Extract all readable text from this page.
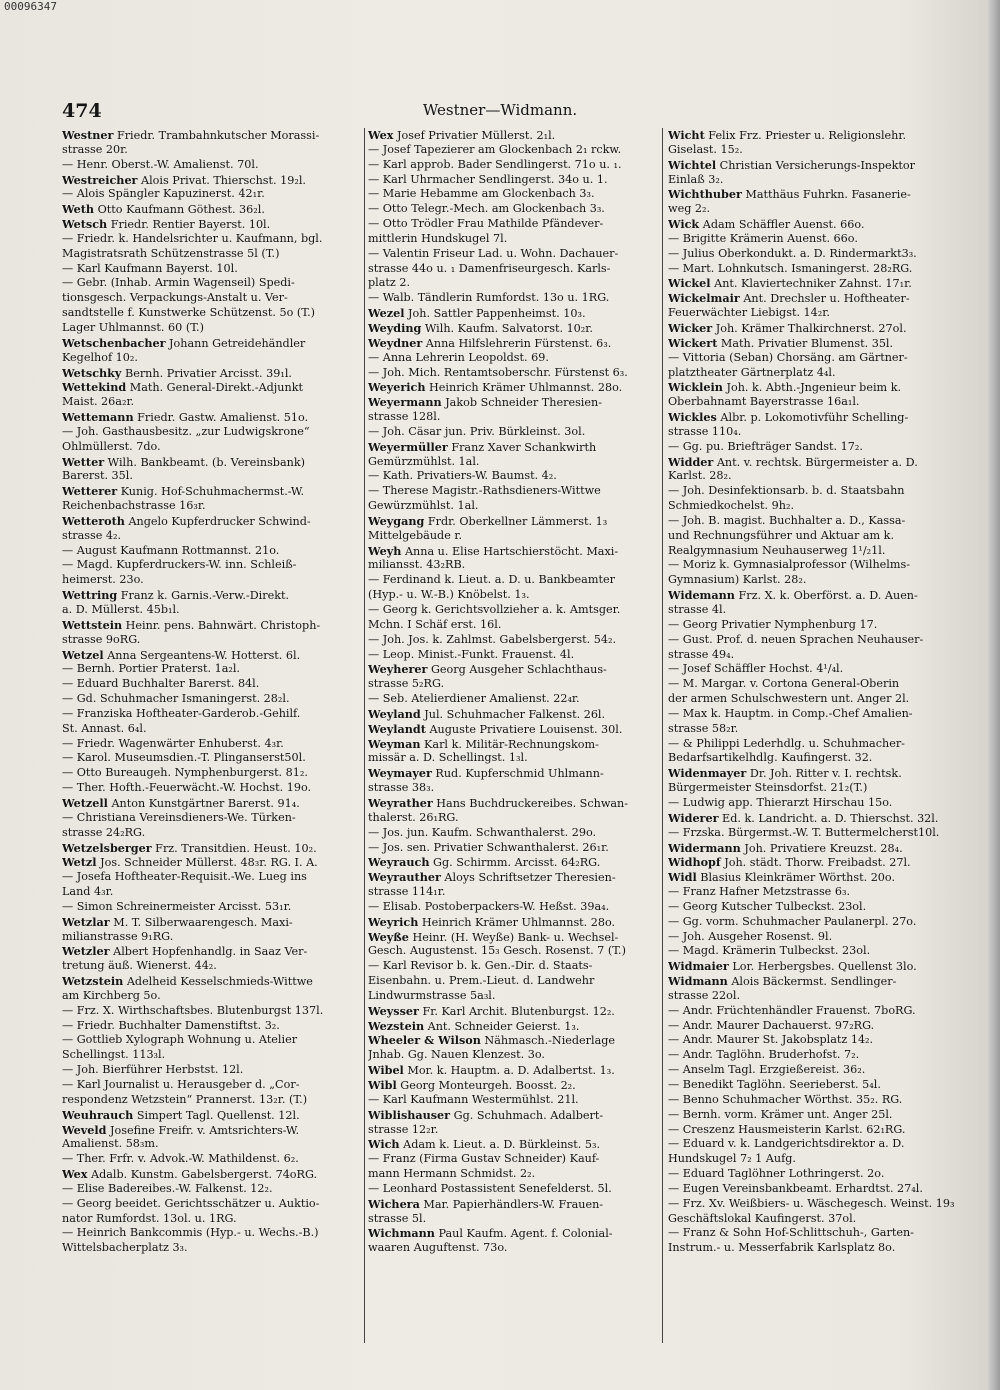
00096347
474	Westner—Widmann.
Westner Friedr. Trambahnkutscher Morassi-
strasse 20r.
— Henr. Oberst.-W. Amalienst. 70l.
Westreicher Alois Privat. Thierschst. 19₂l.
— Alois Spängler Kapuzinerst. 42₁r.
Weth Otto Kaufmann Göthest. 36₂l.
Wetsch Friedr. Rentier Bayerst. 10l.
— Friedr. k. Handelsrichter u. Kaufmann, bgl.
Magistratsrath Schützenstrasse 5l (T.)
— Karl Kaufmann Bayerst. 10l.
— Gebr. (Inhab. Armin Wagenseil) Spedi-
tionsgesch. Verpackungs-Anstalt u. Ver-
sandtstelle f. Kunstwerke Schützenst. 5o (T.)
Lager Uhlmannst. 60 (T.)
Wetschenbacher Johann Getreidehändler
Kegelhof 10₂.
Wetschky Bernh. Privatier Arcisst. 39₁l.
Wettekind Math. General-Direkt.-Adjunkt
Maist. 26a₂r.
Wettemann Friedr. Gastw. Amalienst. 51o.
— Joh. Gasthausbesitz. „zur Ludwigskrone“
Ohlmüllerst. 7do.
Wetter Wilh. Bankbeamt. (b. Vereinsbank)
Barerst. 35l.
Wetterer Kunig. Hof-Schuhmachermst.-W.
Reichenbachstrasse 16₃r.
Wetteroth Angelo Kupferdrucker Schwind-
strasse 4₂.
— August Kaufmann Rottmannst. 21o.
— Magd. Kupferdruckers-W. inn. Schleiß-
heimerst. 23o.
Wettring Franz k. Garnis.-Verw.-Direkt.
a. D. Müllerst. 45b₁l.
Wettstein Heinr. pens. Bahnwärt. Christoph-
strasse 9oRG.
Wetzel Anna Sergeantens-W. Hotterst. 6l.
— Bernh. Portier Praterst. 1a₂l.
— Eduard Buchhalter Barerst. 84l.
— Gd. Schuhmacher Ismaningerst. 28₂l.
— Franziska Hoftheater-Garderob.-Gehilf.
St. Annast. 6₄l.
— Friedr. Wagenwärter Enhuberst. 4₃r.
— Karol. Museumsdien.-T. Plinganserst50l.
— Otto Bureaugeh. Nymphenburgerst. 81₂.
— Ther. Hofth.-Feuerwächt.-W. Hochst. 19o.
Wetzell Anton Kunstgärtner Barerst. 91₄.
— Christiana Vereinsdieners-We. Türken-
strasse 24₂RG.
Wetzelsberger Frz. Transitdien. Heust. 10₂.
Wetzl Jos. Schneider Müllerst. 48₃r. RG. I. A.
— Josefa Hoftheater-Requisit.-We. Lueg ins
Land 4₃r.
— Simon Schreinermeister Arcisst. 53₁r.
Wetzlar M. T. Silberwaarengesch. Maxi-
milianstrasse 9₁RG.
Wetzler Albert Hopfenhandlg. in Saaz Ver-
tretung äuß. Wienerst. 44₂.
Wetzstein Adelheid Kesselschmieds-Wittwe
am Kirchberg 5o.
— Frz. X. Wirthschaftsbes. Blutenburgst 137l.
— Friedr. Buchhalter Damenstiftst. 3₂.
— Gottlieb Xylograph Wohnung u. Atelier
Schellingst. 113₃l.
— Joh. Bierführer Herbstst. 12l.
— Karl Journalist u. Herausgeber d. „Cor-
respondenz Wetzstein“ Prannerst. 13₂r. (T.)
Weuhrauch Simpert Tagl. Quellenst. 12l.
Weveld Josefine Freifr. v. Amtsrichters-W.
Amalienst. 58₃m.
— Ther. Frfr. v. Advok.-W. Mathildenst. 6₂.
Wex Adalb. Kunstm. Gabelsbergerst. 74oRG.
— Elise Badereibes.-W. Falkenst. 12₂.
— Georg beeidet. Gerichtsschätzer u. Auktio-
nator Rumfordst. 13ol. u. 1RG.
— Heinrich Bankcommis (Hyp.- u. Wechs.-B.)
Wittelsbacherplatz 3₃.
Wex Josef Privatier Müllerst. 2₁l.
— Josef Tapezierer am Glockenbach 2₁ rckw.
— Karl approb. Bader Sendlingerst. 71o u. ₁.
— Karl Uhrmacher Sendlingerst. 34o u. 1.
— Marie Hebamme am Glockenbach 3₃.
— Otto Telegr.-Mech. am Glockenbach 3₃.
— Otto Trödler Frau Mathilde Pfändever-
mittlerin Hundskugel 7l.
— Valentin Friseur Lad. u. Wohn. Dachauer-
strasse 44o u. ₁ Damenfriseurgesch. Karls-
platz 2.
— Walb. Tändlerin Rumfordst. 13o u. 1RG.
Wezel Joh. Sattler Pappenheimst. 10₃.
Weyding Wilh. Kaufm. Salvatorst. 10₂r.
Weydner Anna Hilfslehrerin Fürstenst. 6₃.
— Anna Lehrerin Leopoldst. 69.
— Joh. Mich. Rentamtsoberschr. Fürstenst 6₃.
Weyerich Heinrich Krämer Uhlmannst. 28o.
Weyermann Jakob Schneider Theresien-
strasse 128l.
— Joh. Cäsar jun. Priv. Bürkleinst. 3ol.
Weyermüller Franz Xaver Schankwirth
Gemürzmühlst. 1al.
— Kath. Privatiers-W. Baumst. 4₂.
— Therese Magistr.-Rathsdieners-Wittwe
Gewürzmühlst. 1al.
Weygang Frdr. Oberkellner Lämmerst. 1₃
Mittelgebäude r.
Weyh Anna u. Elise Hartschierstöcht. Maxi-
miliansst. 43₂RB.
— Ferdinand k. Lieut. a. D. u. Bankbeamter
(Hyp.- u. W.-B.) Knöbelst. 1₃.
— Georg k. Gerichtsvollzieher a. k. Amtsger.
Mchn. I Schäf erst. 16l.
— Joh. Jos. k. Zahlmst. Gabelsbergerst. 54₂.
— Leop. Minist.-Funkt. Frauenst. 4l.
Weyherer Georg Ausgeher Schlachthaus-
strasse 5₂RG.
— Seb. Atelierdiener Amalienst. 22₄r.
Weyland Jul. Schuhmacher Falkenst. 26l.
Weylandt Auguste Privatiere Louisenst. 30l.
Weyman Karl k. Militär-Rechnungskom-
missär a. D. Schellingst. 1₃l.
Weymayer Rud. Kupferschmid Uhlmann-
strasse 38₃.
Weyrather Hans Buchdruckereibes. Schwan-
thalerst. 26₁RG.
— Jos. jun. Kaufm. Schwanthalerst. 29o.
— Jos. sen. Privatier Schwanthalerst. 26₁r.
Weyrauch Gg. Schirmm. Arcisst. 64₂RG.
Weyrauther Aloys Schriftsetzer Theresien-
strasse 114₁r.
— Elisab. Postoberpackers-W. Heßst. 39a₄.
Weyrich Heinrich Krämer Uhlmannst. 28o.
Weyße Heinr. (H. Weyße) Bank- u. Wechsel-
Gesch. Augustenst. 15₃ Gesch. Rosenst. 7 (T.)
— Karl Revisor b. k. Gen.-Dir. d. Staats-
Eisenbahn. u. Prem.-Lieut. d. Landwehr
Lindwurmstrasse 5a₃l.
Weysser Fr. Karl Archit. Blutenburgst. 12₂.
Wezstein Ant. Schneider Geierst. 1₃.
Wheeler & Wilson Nähmasch.-Niederlage
Jnhab. Gg. Nauen Klenzest. 3o.
Wibel Mor. k. Hauptm. a. D. Adalbertst. 1₃.
Wibl Georg Monteurgeh. Boosst. 2₂.
— Karl Kaufmann Westermühlst. 21l.
Wiblishauser Gg. Schuhmach. Adalbert-
strasse 12₂r.
Wich Adam k. Lieut. a. D. Bürkleinst. 5₃.
— Franz (Firma Gustav Schneider) Kauf-
mann Hermann Schmidst. 2₂.
— Leonhard Postassistent Senefelderst. 5l.
Wichera Mar. Papierhändlers-W. Frauen-
strasse 5l.
Wichmann Paul Kaufm. Agent. f. Colonial-
waaren Auguftenst. 73o.
Wicht Felix Frz. Priester u. Religionslehr.
Giselast. 15₂.
Wichtel Christian Versicherungs-Inspektor
Einlaß 3₂.
Wichthuber Matthäus Fuhrkn. Fasanerie-
weg 2₂.
Wick Adam Schäffler Auenst. 66o.
— Brigitte Krämerin Auenst. 66o.
— Julius Oberkondukt. a. D. Rindermarkt3₃.
— Mart. Lohnkutsch. Ismaningerst. 28₂RG.
Wickel Ant. Klaviertechniker Zahnst. 17₁r.
Wickelmair Ant. Drechsler u. Hoftheater-
Feuerwächter Liebigst. 14₂r.
Wicker Joh. Krämer Thalkirchnerst. 27ol.
Wickert Math. Privatier Blumenst. 35l.
— Vittoria (Seban) Chorsäng. am Gärtner-
platztheater Gärtnerplatz 4₄l.
Wicklein Joh. k. Abth.-Jngenieur beim k.
Oberbahnamt Bayerstrasse 16a₁l.
Wickles Albr. p. Lokomotivführ Schelling-
strasse 110₄.
— Gg. pu. Briefträger Sandst. 17₂.
Widder Ant. v. rechtsk. Bürgermeister a. D.
Karlst. 28₂.
— Joh. Desinfektionsarb. b. d. Staatsbahn
Schmiedkochelst. 9h₂.
— Joh. B. magist. Buchhalter a. D., Kassa-
und Rechnungsführer und Aktuar am k.
Realgymnasium Neuhauserweg 1¹/₂1l.
— Moriz k. Gymnasialprofessor (Wilhelms-
Gymnasium) Karlst. 28₂.
Widemann Frz. X. k. Oberförst. a. D. Auen-
strasse 4l.
— Georg Privatier Nymphenburg 17.
— Gust. Prof. d. neuen Sprachen Neuhauser-
strasse 49₄.
— Josef Schäffler Hochst. 4¹/₄l.
— M. Margar. v. Cortona General-Oberin
der armen Schulschwestern unt. Anger 2l.
— Max k. Hauptm. in Comp.-Chef Amalien-
strasse 58₂r.
— & Philippi Lederhdlg. u. Schuhmacher-
Bedarfsartikelhdlg. Kaufingerst. 32.
Widenmayer Dr. Joh. Ritter v. I. rechtsk.
Bürgermeister Steinsdorfst. 21₂(T.)
— Ludwig app. Thierarzt Hirschau 15o.
Widerer Ed. k. Landricht. a. D. Thierschst. 32l.
— Frzska. Bürgermst.-W. T. Buttermelcherst10l.
Widermann Joh. Privatiere Kreuzst. 28₄.
Widhopf Joh. städt. Thorw. Freibadst. 27l.
Widl Blasius Kleinkrämer Wörthst. 20o.
— Franz Hafner Metzstrasse 6₃.
— Georg Kutscher Tulbeckst. 23ol.
— Gg. vorm. Schuhmacher Paulanerpl. 27o.
— Joh. Ausgeher Rosenst. 9l.
— Magd. Krämerin Tulbeckst. 23ol.
Widmaier Lor. Herbergsbes. Quellenst 3lo.
Widmann Alois Bäckermst. Sendlinger-
strasse 22ol.
— Andr. Früchtenhändler Frauenst. 7boRG.
— Andr. Maurer Dachauerst. 97₂RG.
— Andr. Maurer St. Jakobsplatz 14₂.
— Andr. Taglöhn. Bruderhofst. 7₂.
— Anselm Tagl. Erzgießereist. 36₂.
— Benedikt Taglöhn. Seerieberst. 5₄l.
— Benno Schuhmacher Wörthst. 35₂. RG.
— Bernh. vorm. Krämer unt. Anger 25l.
— Creszenz Hausmeisterin Karlst. 62₁RG.
— Eduard v. k. Landgerichtsdirektor a. D.
Hundskugel 7₂ 1 Aufg.
— Eduard Taglöhner Lothringerst. 2o.
— Eugen Vereinsbankbeamt. Erhardtst. 27₄l.
— Frz. Xv. Weißbiers- u. Wäschegesch. Weinst. 19₃
Geschäftslokal Kaufingerst. 37ol.
— Franz & Sohn Hof-Schlittschuh-, Garten-
Instrum.- u. Messerfabrik Karlsplatz 8o.
